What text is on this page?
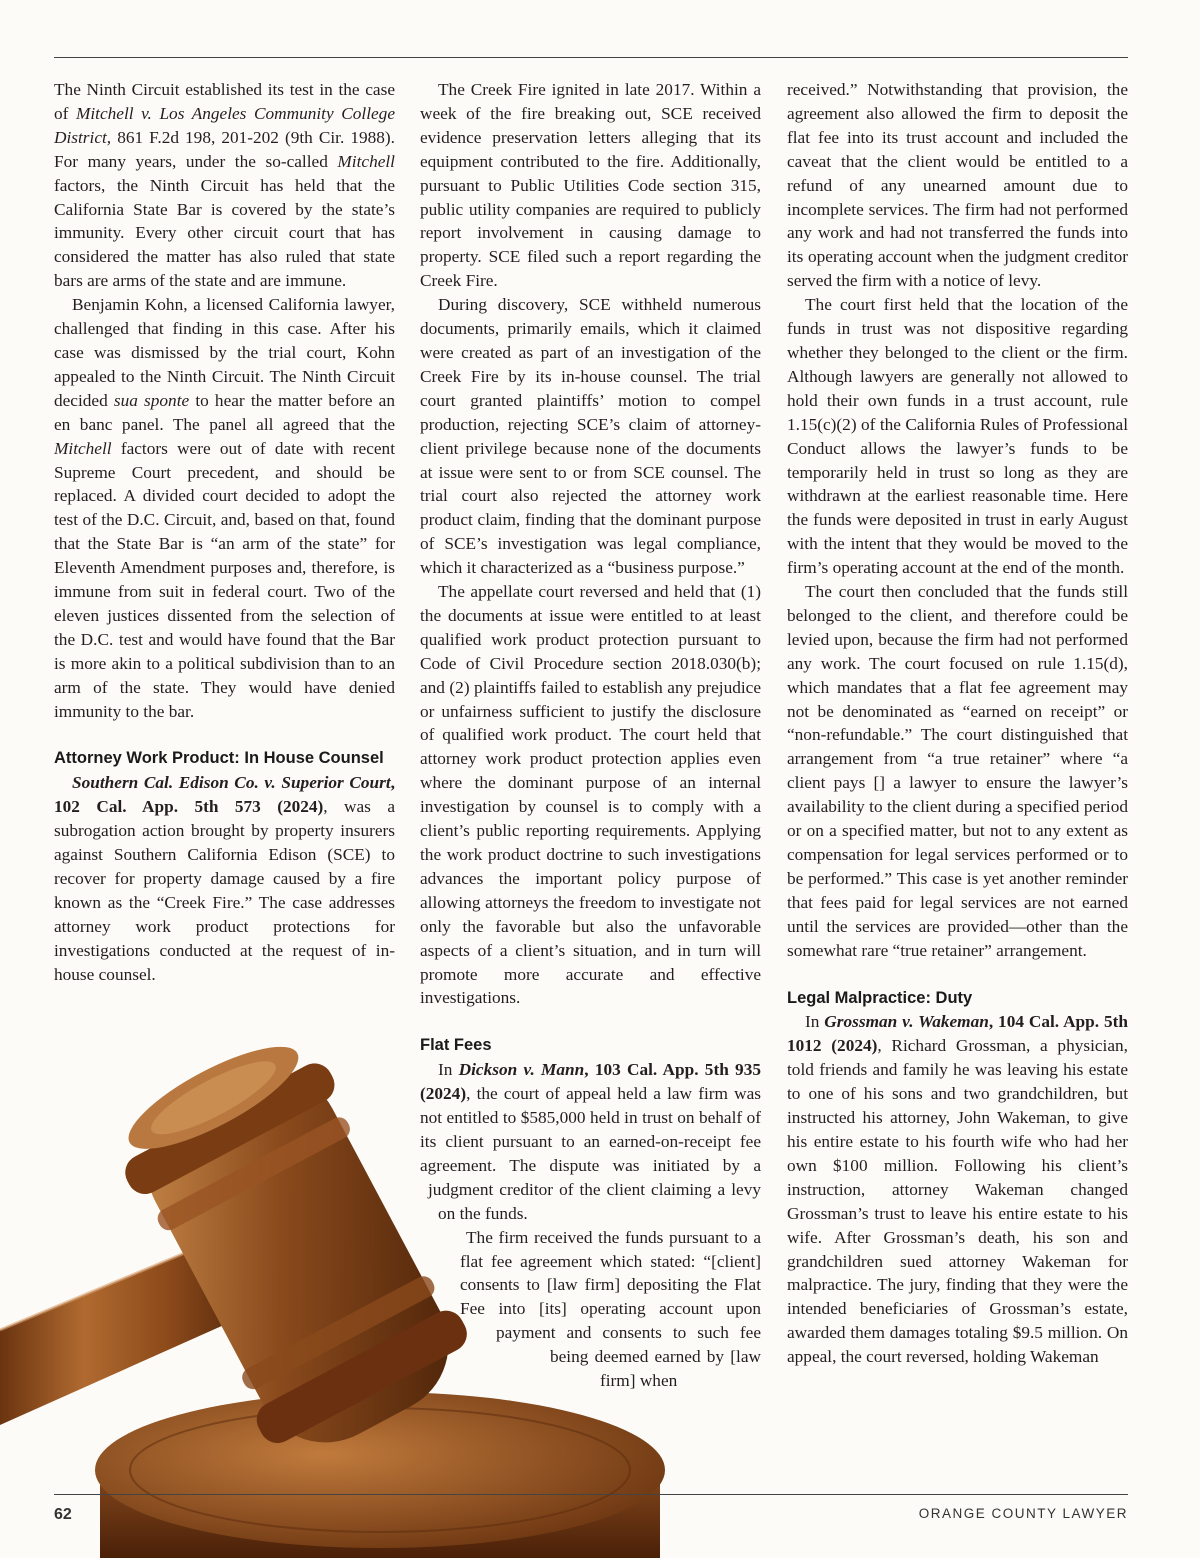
The Ninth Circuit established its test in the case of Mitchell v. Los Angeles Community College District, 861 F.2d 198, 201-202 (9th Cir. 1988). For many years, under the so-called Mitchell factors, the Ninth Circuit has held that the California State Bar is covered by the state’s immunity. Every other circuit court that has considered the matter has also ruled that state bars are arms of the state and are immune.

Benjamin Kohn, a licensed California lawyer, challenged that finding in this case. After his case was dismissed by the trial court, Kohn appealed to the Ninth Circuit. The Ninth Circuit decided sua sponte to hear the matter before an en banc panel. The panel all agreed that the Mitchell factors were out of date with recent Supreme Court precedent, and should be replaced. A divided court decided to adopt the test of the D.C. Circuit, and, based on that, found that the State Bar is “an arm of the state” for Eleventh Amendment purposes and, therefore, is immune from suit in federal court. Two of the eleven justices dissented from the selection of the D.C. test and would have found that the Bar is more akin to a political subdivision than to an arm of the state. They would have denied immunity to the bar.

Attorney Work Product: In House Counsel

Southern Cal. Edison Co. v. Superior Court, 102 Cal. App. 5th 573 (2024), was a subrogation action brought by property insurers against Southern California Edison (SCE) to recover for property damage caused by a fire known as the “Creek Fire.” The case addresses attorney work product protections for investigations conducted at the request of in-house counsel.

The Creek Fire ignited in late 2017. Within a week of the fire breaking out, SCE received evidence preservation letters alleging that its equipment contributed to the fire. Additionally, pursuant to Public Utilities Code section 315, public utility companies are required to publicly report involvement in causing damage to property. SCE filed such a report regarding the Creek Fire.

During discovery, SCE withheld numerous documents, primarily emails, which it claimed were created as part of an investigation of the Creek Fire by its in-house counsel. The trial court granted plaintiffs’ motion to compel production, rejecting SCE’s claim of attorney-client privilege because none of the documents at issue were sent to or from SCE counsel. The trial court also rejected the attorney work product claim, finding that the dominant purpose of SCE’s investigation was legal compliance, which it characterized as a “business purpose.”

The appellate court reversed and held that (1) the documents at issue were entitled to at least qualified work product protection pursuant to Code of Civil Procedure section 2018.030(b); and (2) plaintiffs failed to establish any prejudice or unfairness sufficient to justify the disclosure of qualified work product. The court held that attorney work product protection applies even where the dominant purpose of an internal investigation by counsel is to comply with a client’s public reporting requirements. Applying the work product doctrine to such investigations advances the important policy purpose of allowing attorneys the freedom to investigate not only the favorable but also the unfavorable aspects of a client’s situation, and in turn will promote more accurate and effective investigations.

Flat Fees

In Dickson v. Mann, 103 Cal. App. 5th 935 (2024), the court of appeal held a law firm was not entitled to $585,000 held in trust on behalf of its client pursuant to an earned-on-receipt fee agreement. The dispute was initiated by a judgment creditor of the client claiming a levy on the funds.

The firm received the funds pursuant to a flat fee agreement which stated: “[client] consents to [law firm] depositing the Flat Fee into [its] operating account upon payment and consents to such fee being deemed earned by [law firm] when

received.” Notwithstanding that provision, the agreement also allowed the firm to deposit the flat fee into its trust account and included the caveat that the client would be entitled to a refund of any unearned amount due to incomplete services. The firm had not performed any work and had not transferred the funds into its operating account when the judgment creditor served the firm with a notice of levy.

The court first held that the location of the funds in trust was not dispositive regarding whether they belonged to the client or the firm. Although lawyers are generally not allowed to hold their own funds in a trust account, rule 1.15(c)(2) of the California Rules of Professional Conduct allows the lawyer’s funds to be temporarily held in trust so long as they are withdrawn at the earliest reasonable time. Here the funds were deposited in trust in early August with the intent that they would be moved to the firm’s operating account at the end of the month.

The court then concluded that the funds still belonged to the client, and therefore could be levied upon, because the firm had not performed any work. The court focused on rule 1.15(d), which mandates that a flat fee agreement may not be denominated as “earned on receipt” or “non-refundable.” The court distinguished that arrangement from “a true retainer” where “a client pays [] a lawyer to ensure the lawyer’s availability to the client during a specified period or on a specified matter, but not to any extent as compensation for legal services performed or to be performed.” This case is yet another reminder that fees paid for legal services are not earned until the services are provided—other than the somewhat rare “true retainer” arrangement.

Legal Malpractice: Duty

In Grossman v. Wakeman, 104 Cal. App. 5th 1012 (2024), Richard Grossman, a physician, told friends and family he was leaving his estate to one of his sons and two grandchildren, but instructed his attorney, John Wakeman, to give his entire estate to his fourth wife who had her own $100 million. Following his client’s instruction, attorney Wakeman changed Grossman’s trust to leave his entire estate to his wife. After Grossman’s death, his son and grandchildren sued attorney Wakeman for malpractice. The jury, finding that they were the intended beneficiaries of Grossman’s estate, awarded them damages totaling $9.5 million. On appeal, the court reversed, holding Wakeman

62	ORANGE COUNTY LAWYER
